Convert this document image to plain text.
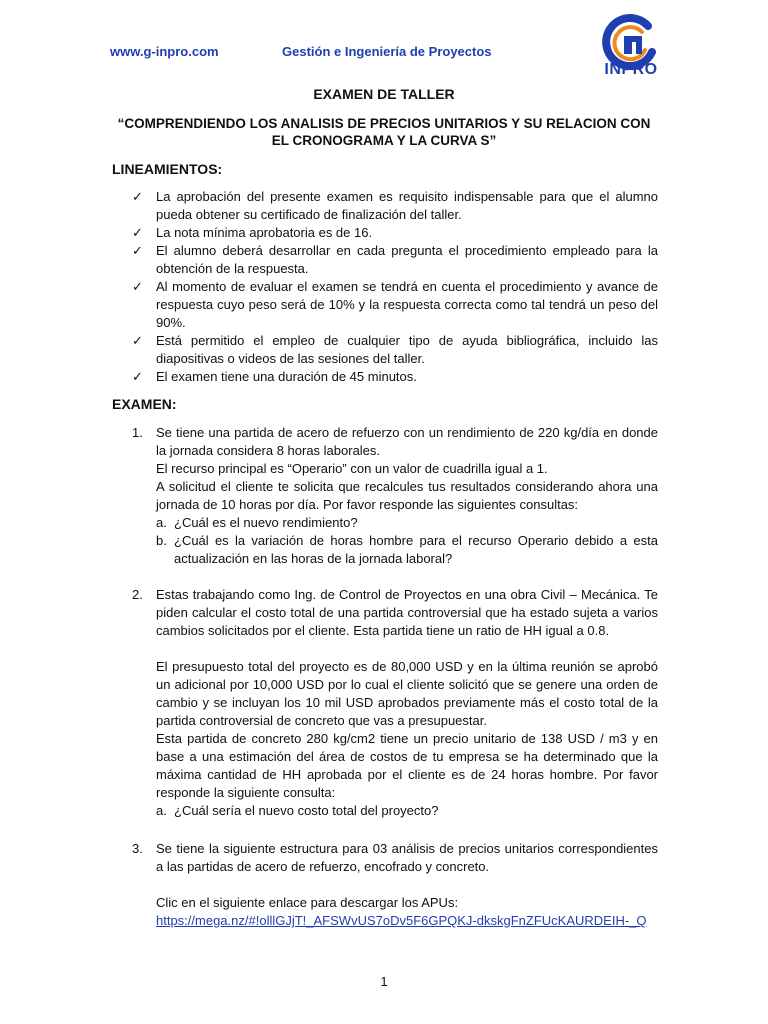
www.g-inpro.com	Gestión e Ingeniería de Proyectos
INPRO
EXAMEN DE TALLER
“COMPRENDIENDO LOS ANALISIS DE PRECIOS UNITARIOS Y SU RELACION CON EL CRONOGRAMA Y LA CURVA S”
LINEAMIENTOS:
✓ La aprobación del presente examen es requisito indispensable para que el alumno pueda obtener su certificado de finalización del taller.
✓ La nota mínima aprobatoria es de 16.
✓ El alumno deberá desarrollar en cada pregunta el procedimiento empleado para la obtención de la respuesta.
✓ Al momento de evaluar el examen se tendrá en cuenta el procedimiento y avance de respuesta cuyo peso será de 10% y la respuesta correcta como tal tendrá un peso del 90%.
✓ Está permitido el empleo de cualquier tipo de ayuda bibliográfica, incluido las diapositivas o videos de las sesiones del taller.
✓ El examen tiene una duración de 45 minutos.
EXAMEN:
1. Se tiene una partida de acero de refuerzo con un rendimiento de 220 kg/día en donde la jornada considera 8 horas laborales.

El recurso principal es “Operario” con un valor de cuadrilla igual a 1.

A solicitud el cliente te solicita que recalcules tus resultados considerando ahora una jornada de 10 horas por día. Por favor responde las siguientes consultas:

a. ¿Cuál es el nuevo rendimiento?
b. ¿Cuál es la variación de horas hombre para el recurso Operario debido a esta actualización en las horas de la jornada laboral?
2. Estas trabajando como Ing. de Control de Proyectos en una obra Civil – Mecánica. Te piden calcular el costo total de una partida controversial que ha estado sujeta a varios cambios solicitados por el cliente. Esta partida tiene un ratio de HH igual a 0.8.

El presupuesto total del proyecto es de 80,000 USD y en la última reunión se aprobó un adicional por 10,000 USD por lo cual el cliente solicitó que se genere una orden de cambio y se incluyan los 10 mil USD aprobados previamente más el costo total de la partida controversial de concreto que vas a presupuestar.

Esta partida de concreto 280 kg/cm2 tiene un precio unitario de 138 USD / m3 y en base a una estimación del área de costos de tu empresa se ha determinado que la máxima cantidad de HH aprobada por el cliente es de 24 horas hombre. Por favor responde la siguiente consulta:

a. ¿Cuál sería el nuevo costo total del proyecto?
3. Se tiene la siguiente estructura para 03 análisis de precios unitarios correspondientes a las partidas de acero de refuerzo, encofrado y concreto.

Clic en el siguiente enlace para descargar los APUs:

https://mega.nz/#!olllGJjT!_AFSWvUS7oDv5F6GPQKJ-dkskgFnZFUcKAURDEIH-_Q

1
